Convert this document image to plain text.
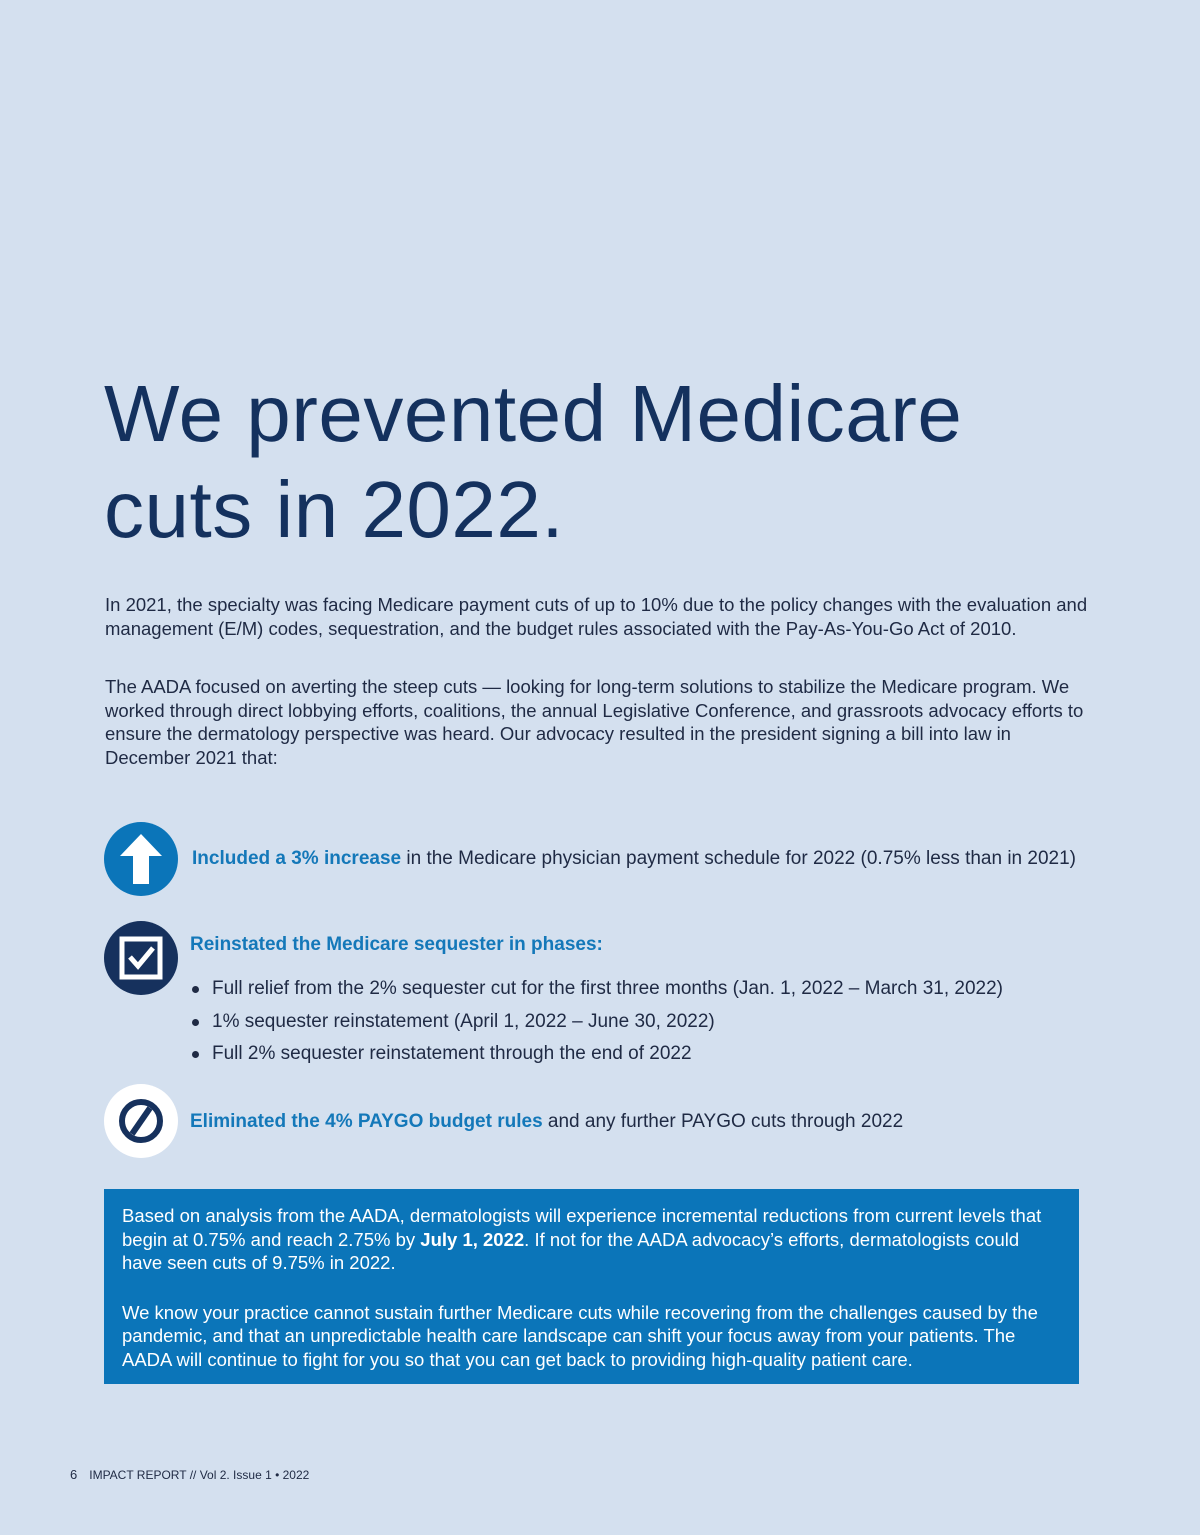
We prevented Medicare
cuts in 2022.

In 2021, the specialty was facing Medicare payment cuts of up to 10% due to the policy changes with the evaluation and management (E/M) codes, sequestration, and the budget rules associated with the Pay-As-You-Go Act of 2010.

The AADA focused on averting the steep cuts — looking for long-term solutions to stabilize the Medicare program. We worked through direct lobbying efforts, coalitions, the annual Legislative Conference, and grassroots advocacy efforts to ensure the dermatology perspective was heard. Our advocacy resulted in the president signing a bill into law in December 2021 that:

Included a 3% increase in the Medicare physician payment schedule for 2022 (0.75% less than in 2021)
Reinstated the Medicare sequester in phases:
Full relief from the 2% sequester cut for the first three months (Jan. 1, 2022 – March 31, 2022)
1% sequester reinstatement (April 1, 2022 – June 30, 2022)
Full 2% sequester reinstatement through the end of 2022
Eliminated the 4% PAYGO budget rules and any further PAYGO cuts through 2022

Based on analysis from the AADA, dermatologists will experience incremental reductions from current levels that begin at 0.75% and reach 2.75% by July 1, 2022. If not for the AADA advocacy’s efforts, dermatologists could have seen cuts of 9.75% in 2022.

We know your practice cannot sustain further Medicare cuts while recovering from the challenges caused by the pandemic, and that an unpredictable health care landscape can shift your focus away from your patients. The AADA will continue to fight for you so that you can get back to providing high-quality patient care.

6 IMPACT REPORT // Vol 2. Issue 1 • 2022
